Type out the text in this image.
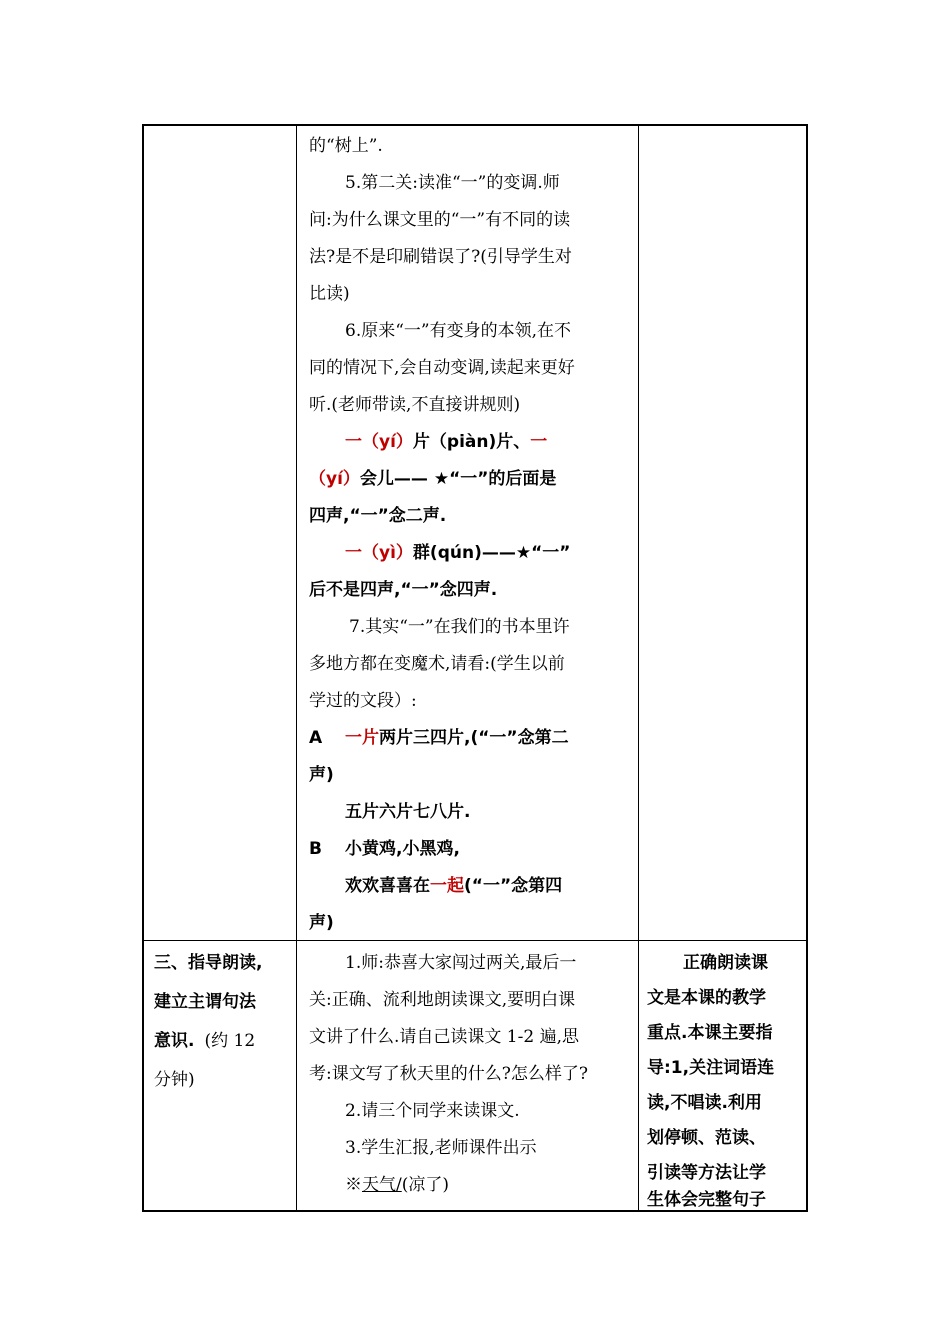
的“树上”.
5.第二关:读准“一”的变调.师
问:为什么课文里的“一”有不同的读
法?是不是印刷错误了?(引导学生对
比读)
6.原来“一”有变身的本领,在不
同的情况下,会自动变调,读起来更好
听.(老师带读,不直接讲规则)
一（yí）片（piàn)片、一
（yí）会儿—— ★“一”的后面是
四声,“一”念二声.
一（yì）群(qún)——★“一”
后不是四声,“一”念四声.
7.其实“一”在我们的书本里许
多地方都在变魔术,请看:(学生以前
学过的文段）:
A 一片两片三四片,(“一”念第二
声)
五片六片七八片.
B 小黄鸡,小黑鸡,
欢欢喜喜在一起(“一”念第四
声)
三、指导朗读,
建立主谓句法
意识. (约 12
分钟)
1.师:恭喜大家闯过两关,最后一
关:正确、流利地朗读课文,要明白课
文讲了什么.请自己读课文 1-2 遍,思
考:课文写了秋天里的什么?怎么样了?
2.请三个同学来读课文.
3.学生汇报,老师课件出示
※天气/(凉了)
正确朗读课
文是本课的教学
重点.本课主要指
导:1,关注词语连
读,不唱读.利用
划停顿、范读、
引读等方法让学
生体会完整句子
